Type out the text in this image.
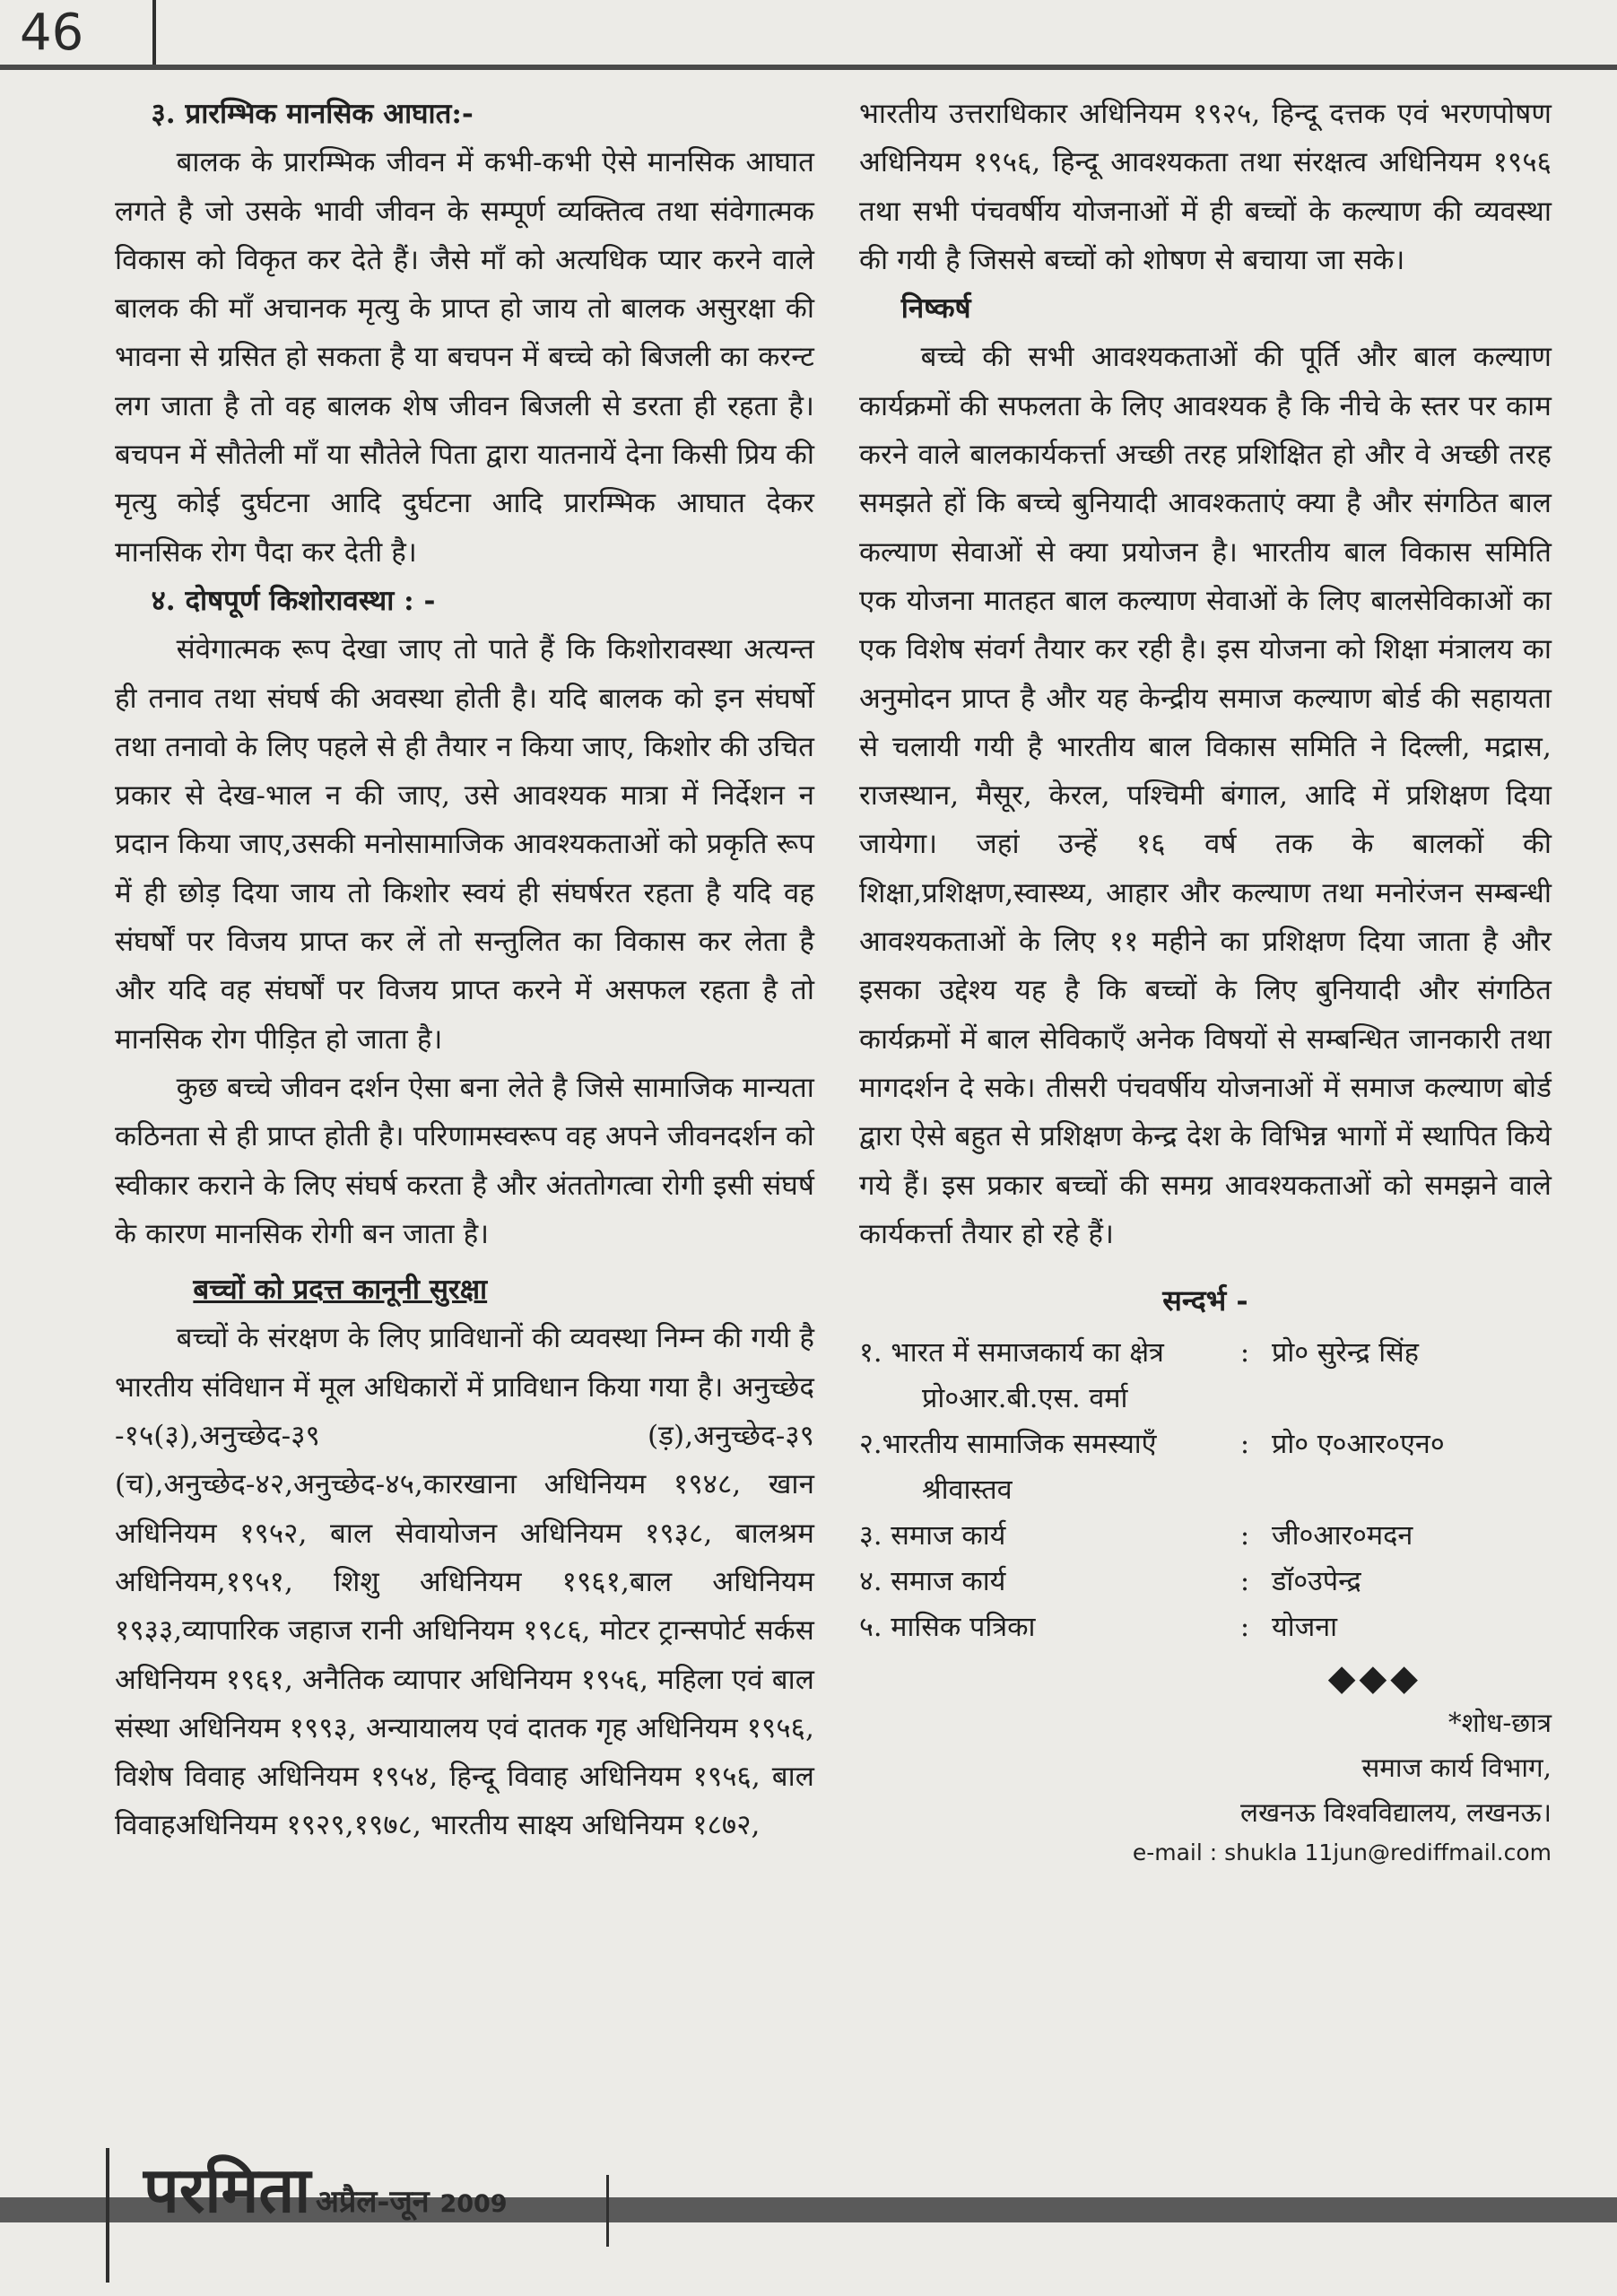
46

३. प्रारम्भिक मानसिक आघात:-

बालक के प्रारम्भिक जीवन में कभी-कभी ऐसे मानसिक आघात लगते है जो उसके भावी जीवन के सम्पूर्ण व्यक्तित्व तथा संवेगात्मक विकास को विकृत कर देते हैं। जैसे माँ को अत्यधिक प्यार करने वाले बालक की माँ अचानक मृत्यु के प्राप्त हो जाय तो बालक असुरक्षा की भावना से ग्रसित हो सकता है या बचपन में बच्चे को बिजली का करन्ट लग जाता है तो वह बालक शेष जीवन बिजली से डरता ही रहता है। बचपन में सौतेली माँ या सौतेले पिता द्वारा यातनायें देना किसी प्रिय की मृत्यु कोई दुर्घटना आदि दुर्घटना आदि प्रारम्भिक आघात देकर मानसिक रोग पैदा कर देती है।

४. दोषपूर्ण किशोरावस्था : -

संवेगात्मक रूप देखा जाए तो पाते हैं कि किशोरावस्था अत्यन्त ही तनाव तथा संघर्ष की अवस्था होती है। यदि बालक को इन संघर्षो तथा तनावो के लिए पहले से ही तैयार न किया जाए, किशोर की उचित प्रकार से देख-भाल न की जाए, उसे आवश्यक मात्रा में निर्देशन न प्रदान किया जाए,उसकी मनोसामाजिक आवश्यकताओं को प्रकृति रूप में ही छोड़ दिया जाय तो किशोर स्वयं ही संघर्षरत रहता है यदि वह संघर्षों पर विजय प्राप्त कर लें तो सन्तुलित का विकास कर लेता है और यदि वह संघर्षों पर विजय प्राप्त करने में असफल रहता है तो मानसिक रोग पीड़ित हो जाता है।

कुछ बच्चे जीवन दर्शन ऐसा बना लेते है जिसे सामाजिक मान्यता कठिनता से ही प्राप्त होती है। परिणामस्वरूप वह अपने जीवनदर्शन को स्वीकार कराने के लिए संघर्ष करता है और अंततोगत्वा रोगी इसी संघर्ष के कारण मानसिक रोगी बन जाता है।

बच्चों को प्रदत्त कानूनी सुरक्षा

बच्चों के संरक्षण के लिए प्राविधानों की व्यवस्था निम्न की गयी है भारतीय संविधान में मूल अधिकारों में प्राविधान किया गया है। अनुच्छेद -१५(३),अनुच्छेद-३९ (ड़),अनुच्छेद-३९ (च),अनुच्छेद-४२,अनुच्छेद-४५,कारखाना अधिनियम १९४८, खान अधिनियम १९५२, बाल सेवायोजन अधिनियम १९३८, बालश्रम अधिनियम,१९५१, शिशु अधिनियम १९६१,बाल अधिनियम १९३३,व्यापारिक जहाज रानी अधिनियम १९८६, मोटर ट्रान्सपोर्ट सर्कस अधिनियम १९६१, अनैतिक व्यापार अधिनियम १९५६, महिला एवं बाल संस्था अधिनियम १९९३, अन्यायालय एवं दातक गृह अधिनियम १९५६, विशेष विवाह अधिनियम १९५४, हिन्दू विवाह अधिनियम १९५६, बाल विवाहअधिनियम १९२९,१९७८, भारतीय साक्ष्य अधिनियम १८७२,

भारतीय उत्तराधिकार अधिनियम १९२५, हिन्दू दत्तक एवं भरणपोषण अधिनियम १९५६, हिन्दू आवश्यकता तथा संरक्षत्व अधिनियम १९५६ तथा सभी पंचवर्षीय योजनाओं में ही बच्चों के कल्याण की व्यवस्था की गयी है जिससे बच्चों को शोषण से बचाया जा सके।

निष्कर्ष

बच्चे की सभी आवश्यकताओं की पूर्ति और बाल कल्याण कार्यक्रमों की सफलता के लिए आवश्यक है कि नीचे के स्तर पर काम करने वाले बालकार्यकर्त्ता अच्छी तरह प्रशिक्षित हो और वे अच्छी तरह समझते हों कि बच्चे बुनियादी आवश्कताएं क्या है और संगठित बाल कल्याण सेवाओं से क्या प्रयोजन है। भारतीय बाल विकास समिति एक योजना मातहत बाल कल्याण सेवाओं के लिए बालसेविकाओं का एक विशेष संवर्ग तैयार कर रही है। इस योजना को शिक्षा मंत्रालय का अनुमोदन प्राप्त है और यह केन्द्रीय समाज कल्याण बोर्ड की सहायता से चलायी गयी है भारतीय बाल विकास समिति ने दिल्ली, मद्रास, राजस्थान, मैसूर, केरल, पश्चिमी बंगाल, आदि में प्रशिक्षण दिया जायेगा। जहां उन्हें १६ वर्ष तक के बालकों की शिक्षा,प्रशिक्षण,स्वास्थ्य, आहार और कल्याण तथा मनोरंजन सम्बन्धी आवश्यकताओं के लिए ११ महीने का प्रशिक्षण दिया जाता है और इसका उद्देश्य यह है कि बच्चों के लिए बुनियादी और संगठित कार्यक्रमों में बाल सेविकाएँ अनेक विषयों से सम्बन्धित जानकारी तथा मागदर्शन दे सके। तीसरी पंचवर्षीय योजनाओं में समाज कल्याण बोर्ड द्वारा ऐसे बहुत से प्रशिक्षण केन्द्र देश के विभिन्न भागों में स्थापित किये गये हैं। इस प्रकार बच्चों की समग्र आवश्यकताओं को समझने वाले कार्यकर्त्ता तैयार हो रहे हैं।

सन्दर्भ -
१. भारत में समाजकार्य का क्षेत्र	: प्रो० सुरेन्द्र सिंह
प्रो०आर.बी.एस. वर्मा
२.भारतीय सामाजिक समस्याएँ	: प्रो० ए०आर०एन०
श्रीवास्तव
३. समाज कार्य	: जी०आर०मदन
४. समाज कार्य	: डॉ०उपेन्द्र
५. मासिक पत्रिका	: योजना
◆◆◆
*शोध-छात्र
समाज कार्य विभाग,
लखनऊ विश्वविद्यालय, लखनऊ।
e-mail : shukla 11jun@rediffmail.com
परमिता अप्रैल-जून 2009
